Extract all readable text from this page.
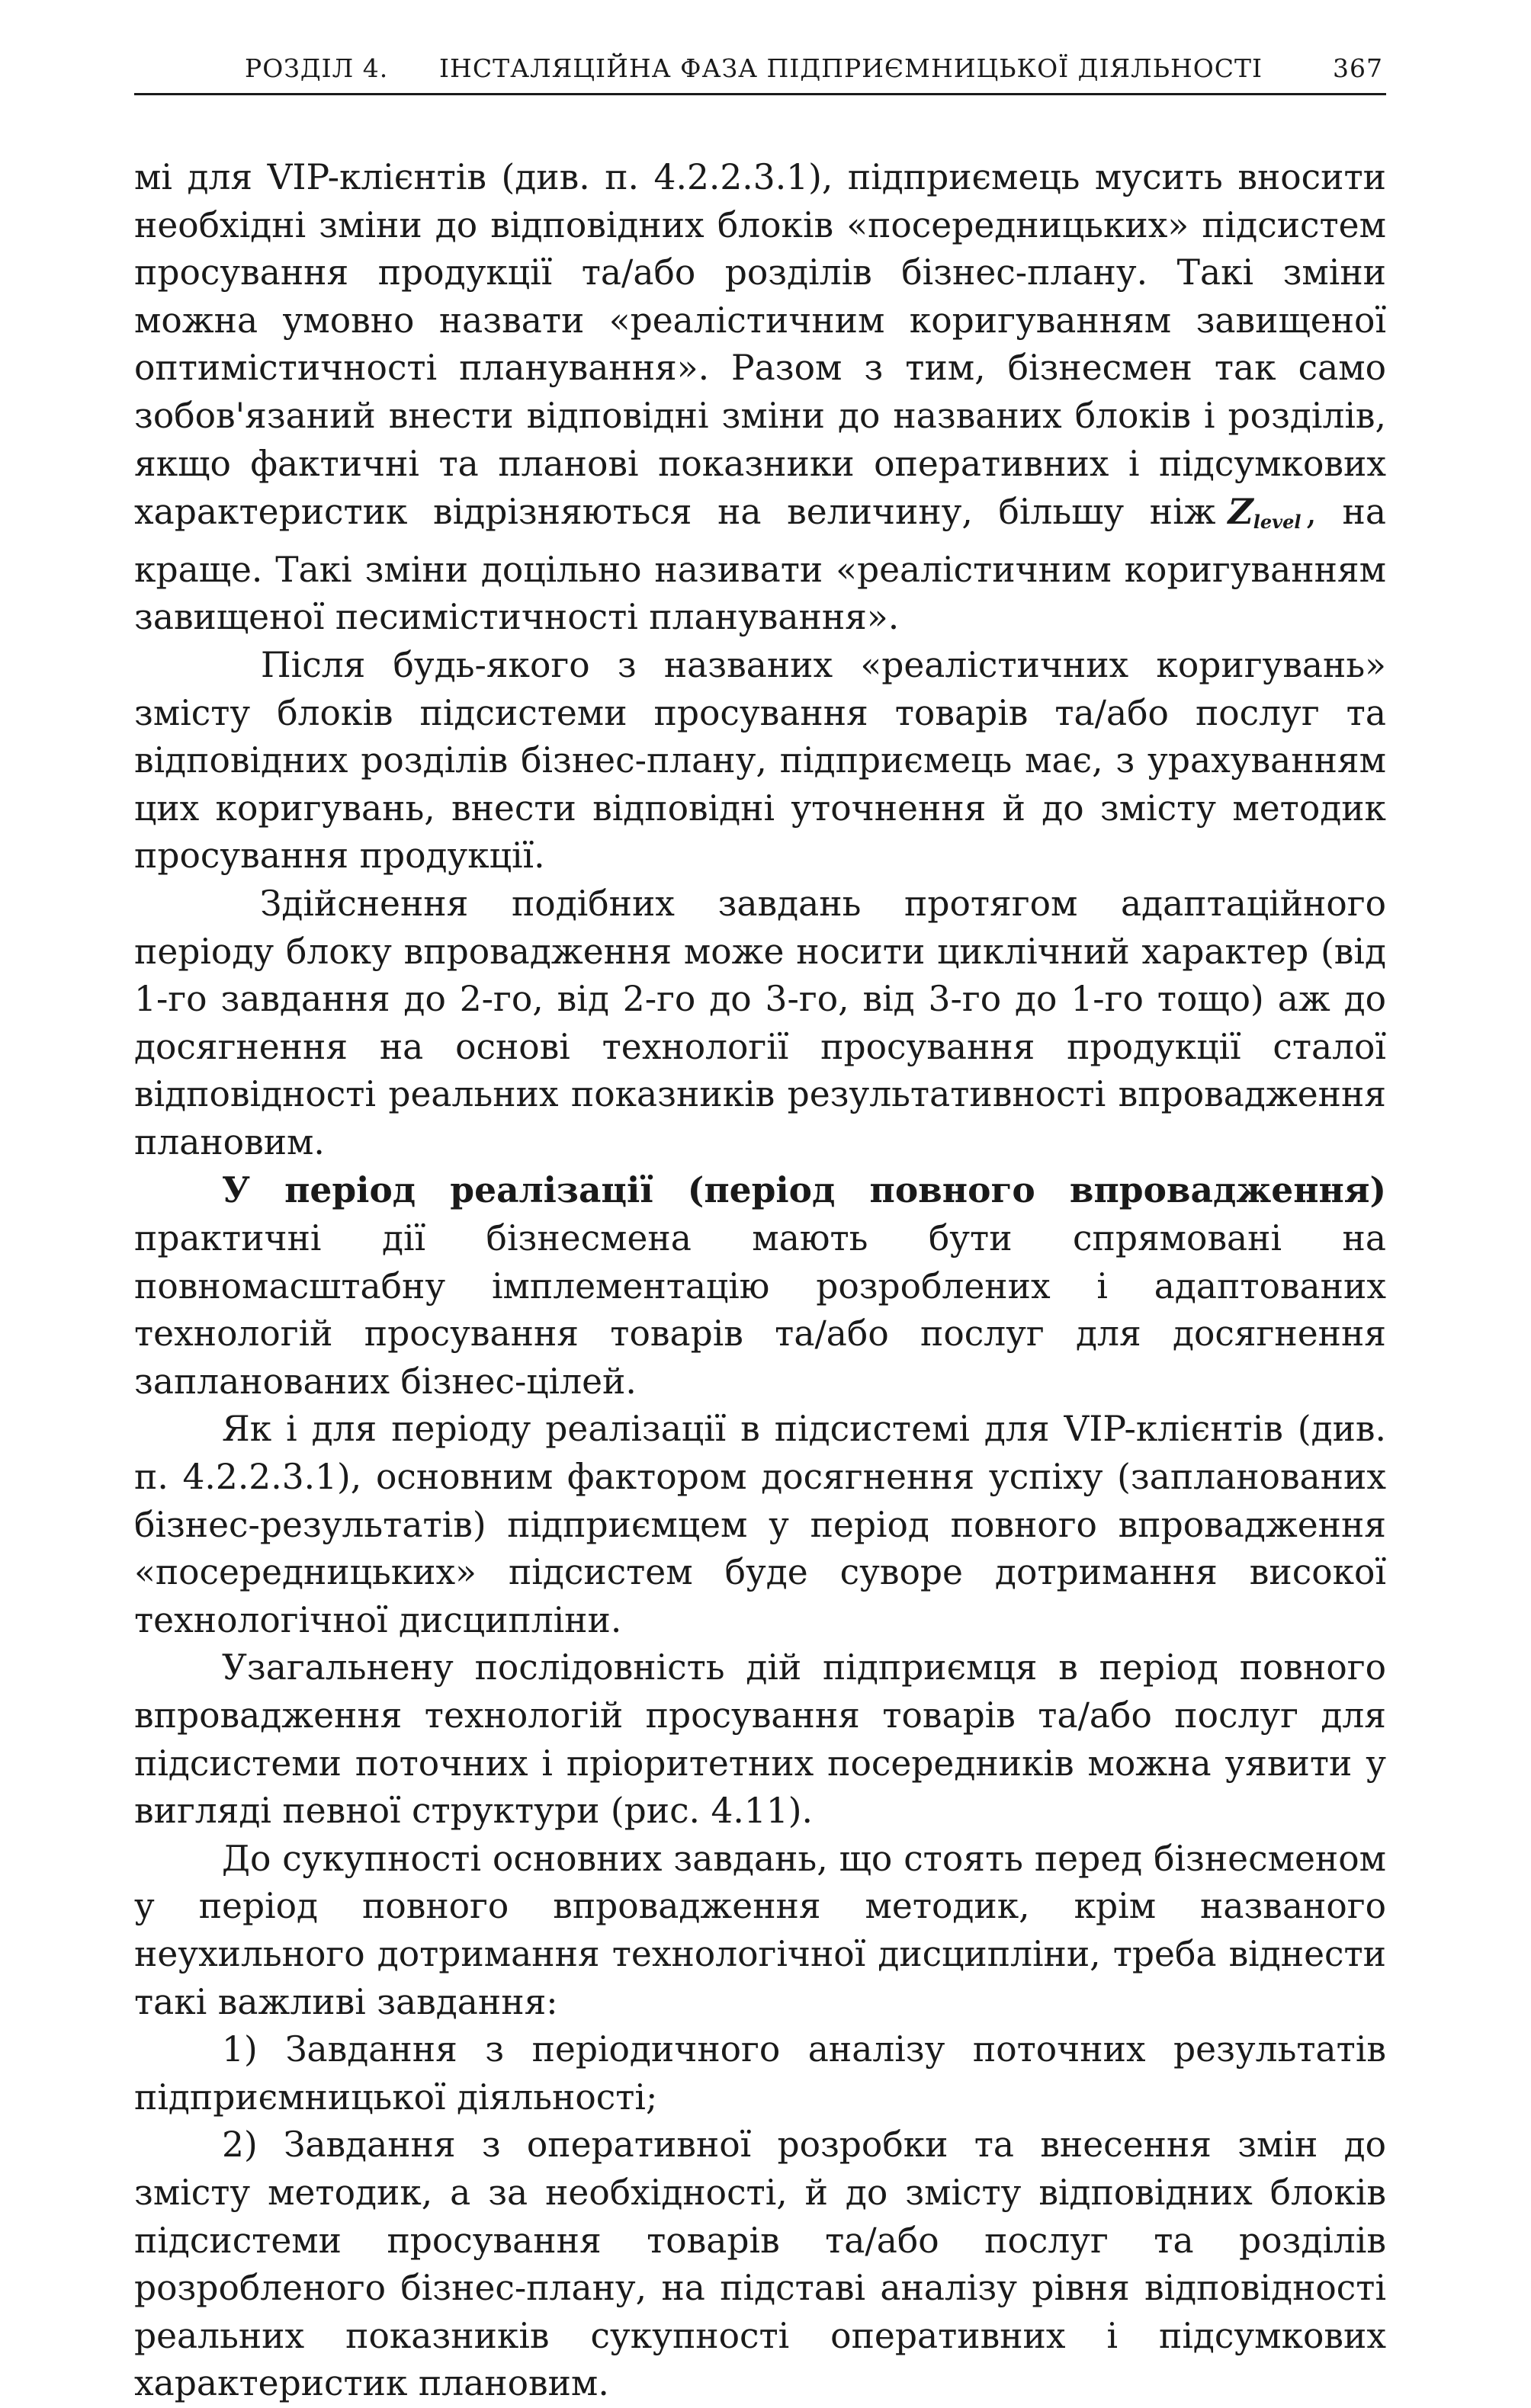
РОЗДІЛ 4. ІНСТАЛЯЦІЙНА ФАЗА ПІДПРИЄМНИЦЬКОЇ ДІЯЛЬНОСТІ	367

мі для VIP-клієнтів (див. п. 4.2.2.3.1), підприємець мусить вносити необхідні зміни до відповідних блоків «посередницьких» підсистем просування продукції та/або розділів бізнес-плану. Такі зміни можна умовно назвати «реалістичним коригуванням завищеної оптимістичності планування». Разом з тим, бізнесмен так само зобов'язаний внести відповідні зміни до названих блоків і розділів, якщо фактичні та планові показники оперативних і підсумкових характеристик відрізняються на величину, більшу ніж $Z_{level}$ , на краще. Такі зміни доцільно називати «реалістичним коригуванням завищеної песимістичності планування».

Після будь-якого з названих «реалістичних коригувань» змісту блоків підсистеми просування товарів та/або послуг та відповідних розділів бізнес-плану, підприємець має, з урахуванням цих коригувань, внести відповідні уточнення й до змісту методик просування продукції.

Здійснення подібних завдань протягом адаптаційного періоду блоку впровадження може носити циклічний характер (від 1-го завдання до 2-го, від 2-го до 3-го, від 3-го до 1-го тощо) аж до досягнення на основі технології просування продукції сталої відповідності реальних показників результативності впровадження плановим.

У період реалізації (період повного впровадження) практичні дії бізнесмена мають бути спрямовані на повномасштабну імплементацію розроблених і адаптованих технологій просування товарів та/або послуг для досягнення запланованих бізнес-цілей.

Як і для періоду реалізації в підсистемі для VIP-клієнтів (див. п. 4.2.2.3.1), основним фактором досягнення успіху (запланованих бізнес-результатів) підприємцем у період повного впровадження «посередницьких» підсистем буде суворе дотримання високої технологічної дисципліни.

Узагальнену послідовність дій підприємця в період повного впровадження технологій просування товарів та/або послуг для підсистеми поточних і пріоритетних посередників можна уявити у вигляді певної структури (рис. 4.11).

До сукупності основних завдань, що стоять перед бізнесменом у період повного впровадження методик, крім названого неухильного дотримання технологічної дисципліни, треба віднести такі важливі завдання:

1) Завдання з періодичного аналізу поточних результатів підприємницької діяльності;

2) Завдання з оперативної розробки та внесення змін до змісту методик, а за необхідності, й до змісту відповідних блоків підсистеми просування товарів та/або послуг та розділів розробленого бізнес-плану, на підставі аналізу рівня відповідності реальних показників сукупності оперативних і підсумкових характеристик плановим.
